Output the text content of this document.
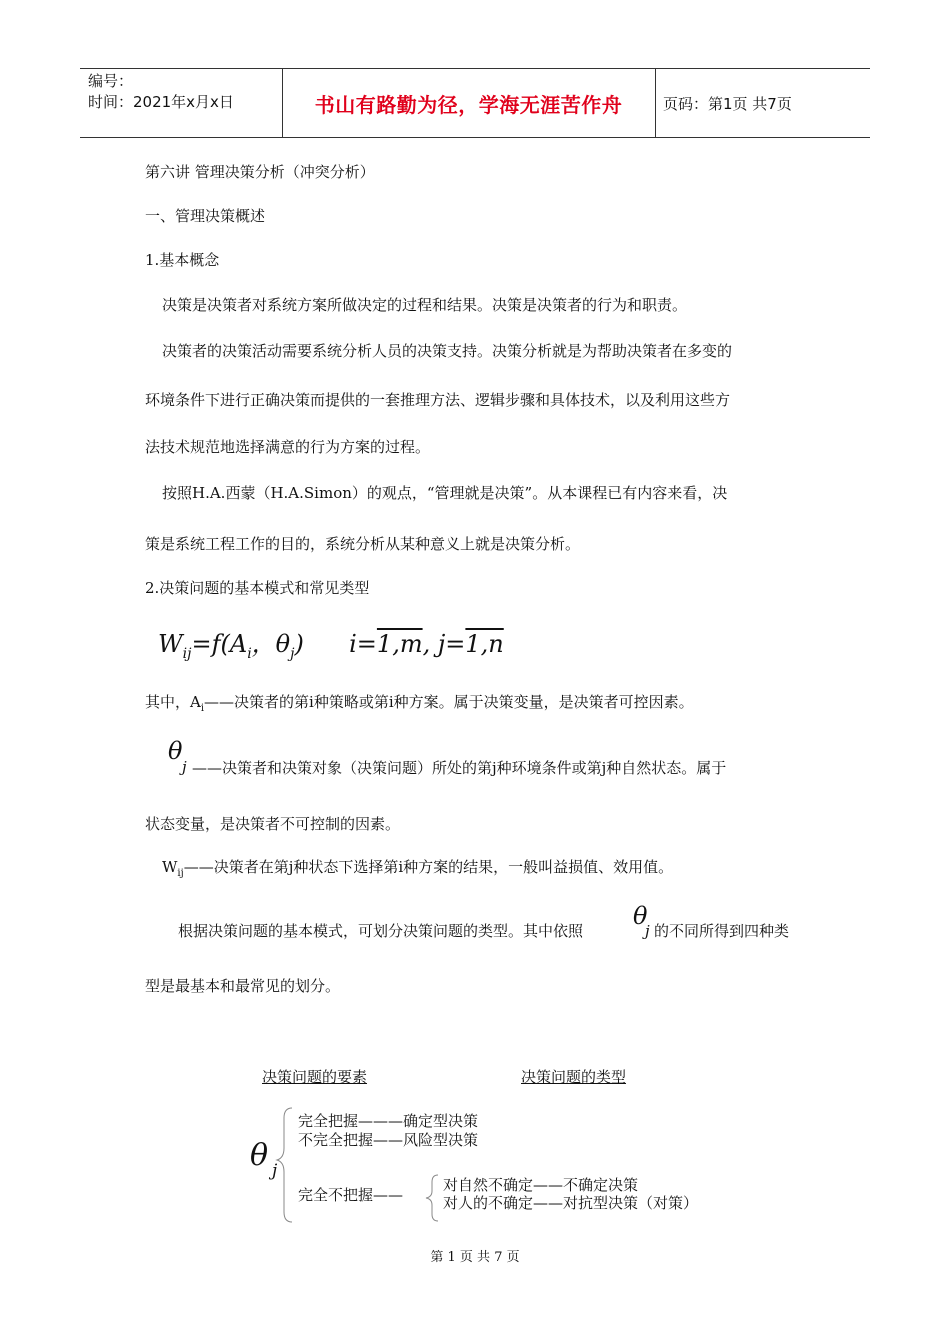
编号：
时间：2021年x月x日	书山有路勤为径，学海无涯苦作舟	页码：第1页 共7页
第六讲 管理决策分析（冲突分析）
一、管理决策概述
1.基本概念
决策是决策者对系统方案所做决定的过程和结果。决策是决策者的行为和职责。
决策者的决策活动需要系统分析人员的决策支持。决策分析就是为帮助决策者在多变的
环境条件下进行正确决策而提供的一套推理方法、逻辑步骤和具体技术，以及利用这些方
法技术规范地选择满意的行为方案的过程。
按照H.A.西蒙（H.A.Simon）的观点，“管理就是决策”。从本课程已有内容来看，决
策是系统工程工作的目的，系统分析从某种意义上就是决策分析。
2.决策问题的基本模式和常见类型
$W_{ij}=f(A_i$，$\theta_j$) i=1,m, j=1,n
其中，$A_i——$决策者的第i种策略或第i种方案。属于决策变量，是决策者可控因素。
θ
j ——决策者和决策对象（决策问题）所处的第j种环境条件或第j种自然状态。属于
状态变量，是决策者不可控制的因素。
$W_{ij}——$决策者在第j种状态下选择第i种方案的结果，一般叫益损值、效用值。
根据决策问题的基本模式，可划分决策问题的类型。其中依照
θ
j 的不同所得到四种类
型是最基本和最常见的划分。
决策问题的要素	决策问题的类型
θ j
完全把握———确定型决策
不完全把握——风险型决策
完全不把握——
对自然不确定——不确定决策
对人的不确定——对抗型决策（对策）
第 1 页 共 7 页
